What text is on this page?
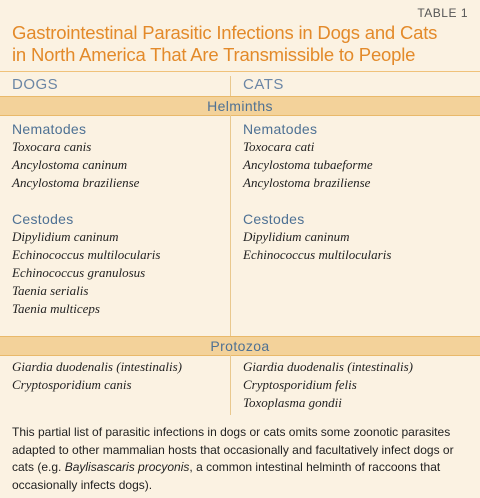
TABLE 1
Gastrointestinal Parasitic Infections in Dogs and Cats
in North America That Are Transmissible to People
DOGS	CATS
Helminths
Nematodes
Toxocara canis
Ancylostoma caninum
Ancylostoma braziliense
Cestodes
Dipylidium caninum
Echinococcus multilocularis
Echinococcus granulosus
Taenia serialis
Taenia multiceps
Nematodes
Toxocara cati
Ancylostoma tubaeforme
Ancylostoma braziliense
Cestodes
Dipylidium caninum
Echinococcus multilocularis
Protozoa
Giardia duodenalis (intestinalis)
Cryptosporidium canis
Giardia duodenalis (intestinalis)
Cryptosporidium felis
Toxoplasma gondii
This partial list of parasitic infections in dogs or cats omits some zoonotic parasites adapted to other mammalian hosts that occasionally and facultatively infect dogs or cats (e.g. Baylisascaris procyonis, a common intestinal helminth of raccoons that occasionally infects dogs).
